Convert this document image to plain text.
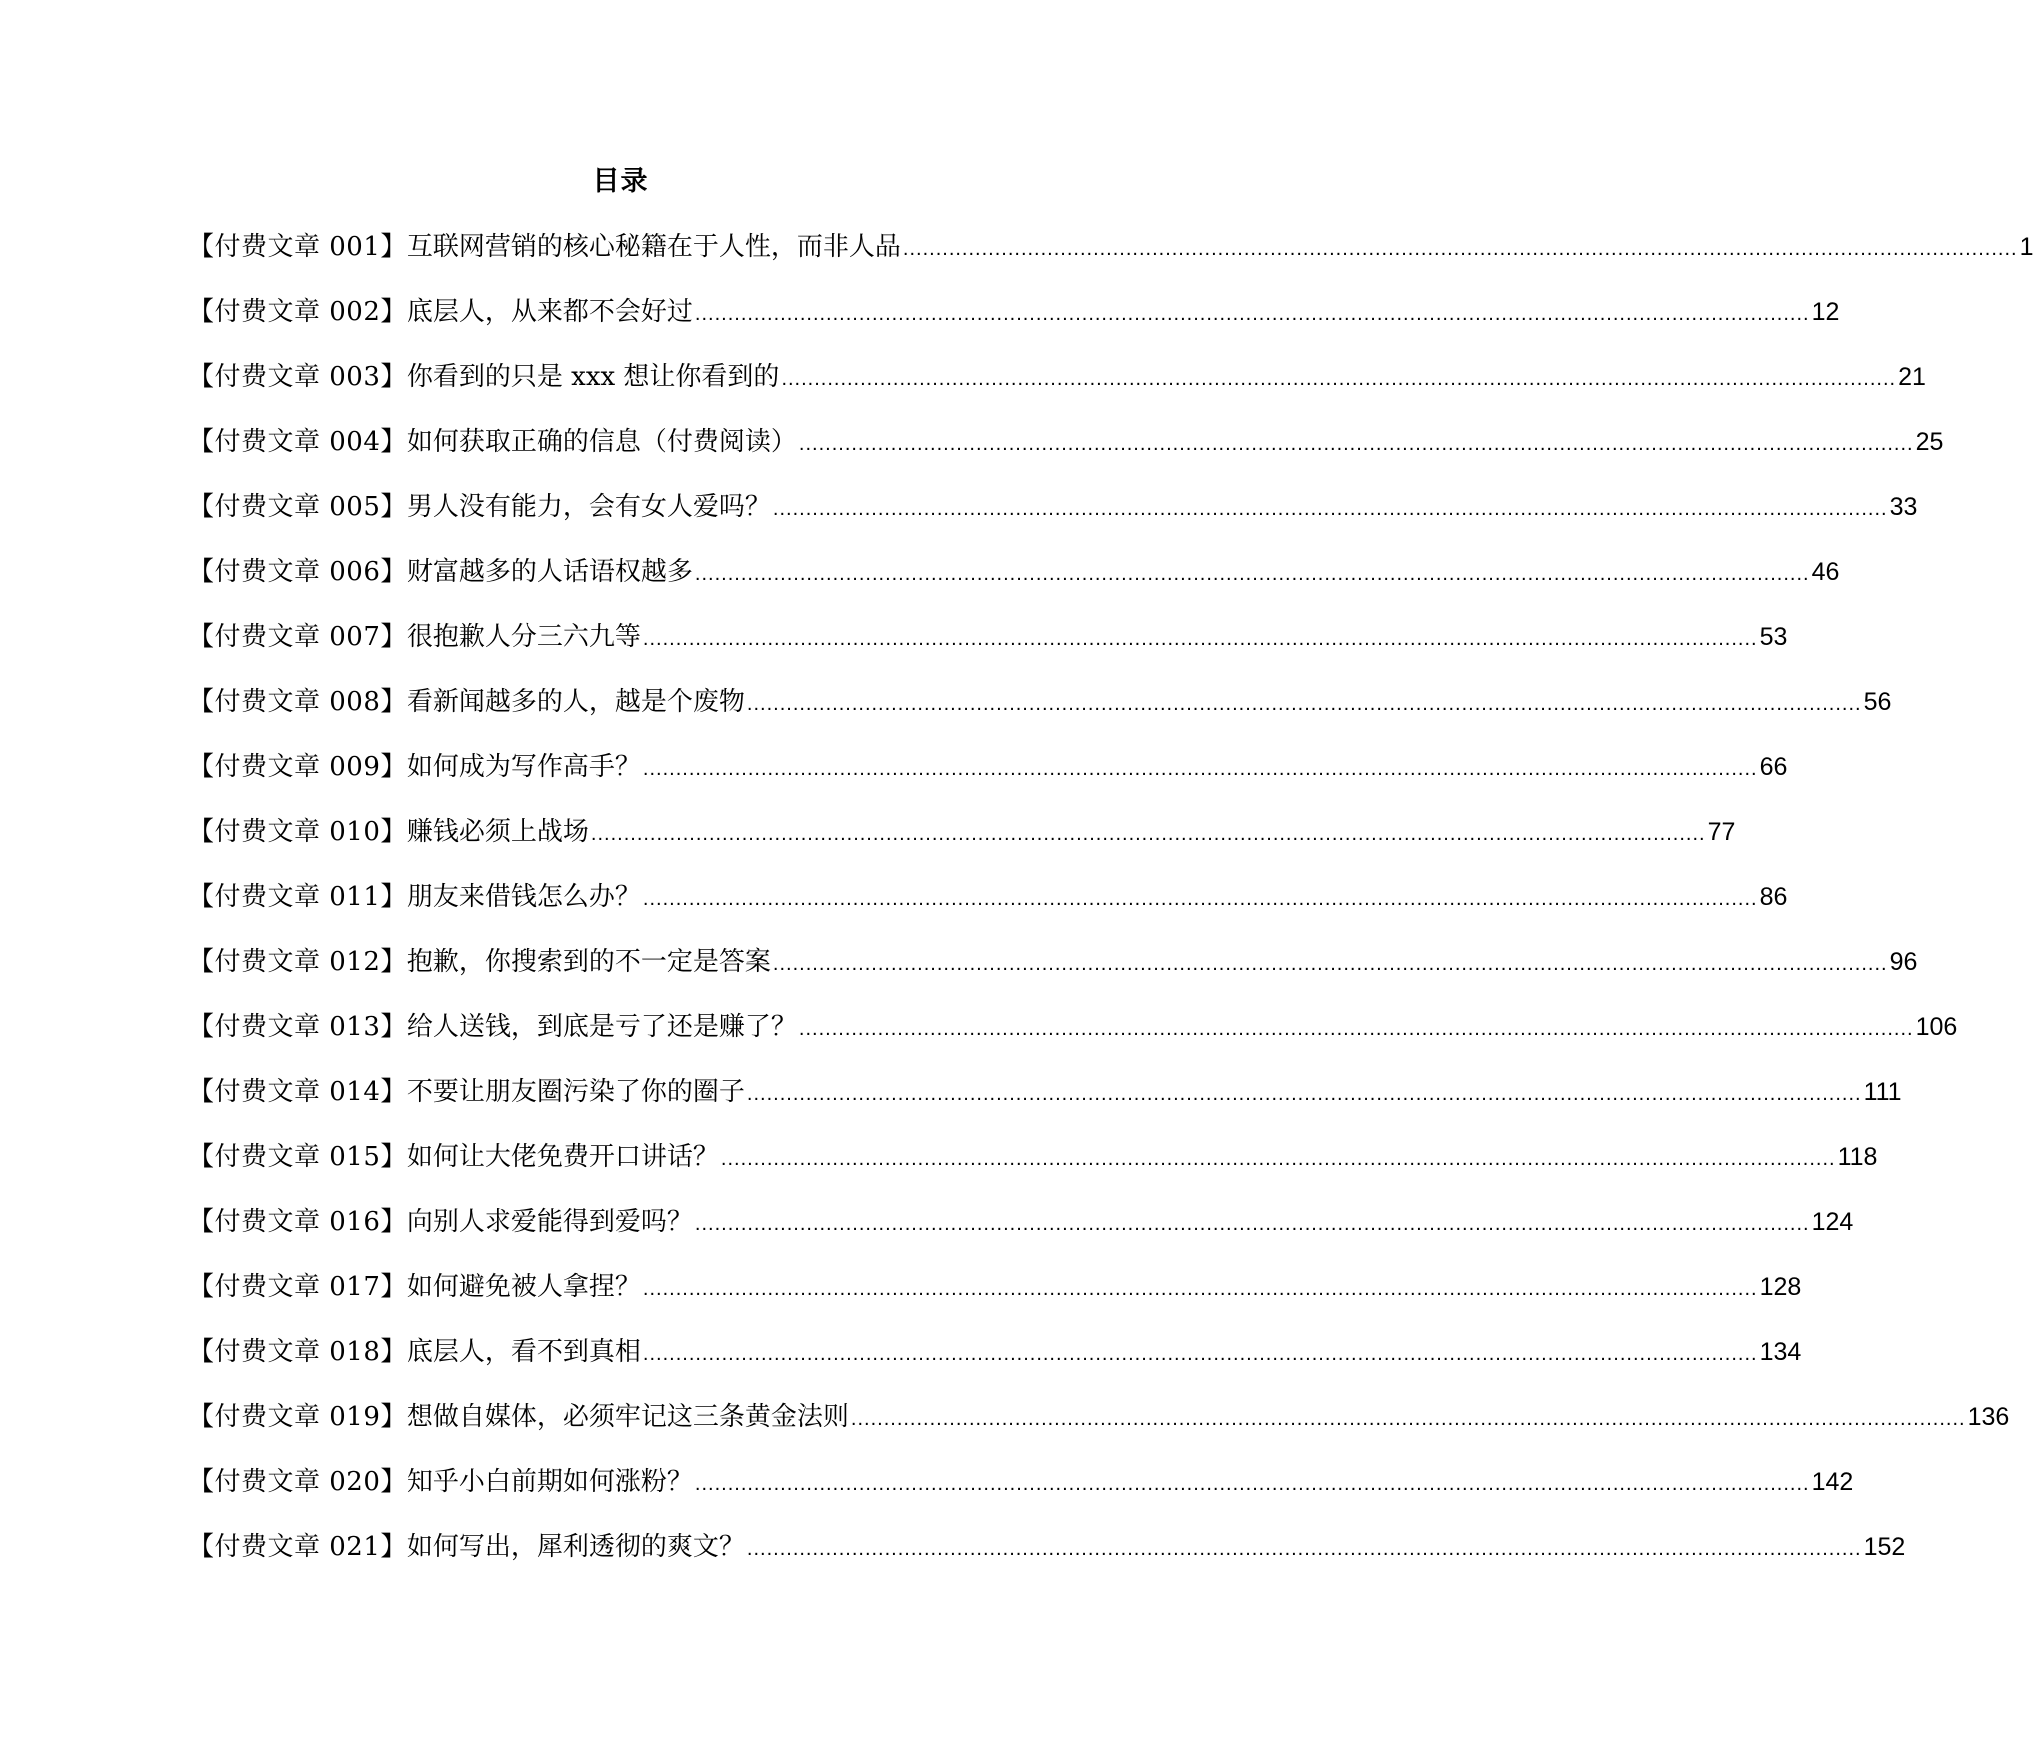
目录
【付费文章 001】 互联网营销的核心秘籍在于人性，而非人品 .....	1
【付费文章 002】 底层人，从来都不会好过 .....	12
【付费文章 003】 你看到的只是 xxx 想让你看到的 .....	21
【付费文章 004】 如何获取正确的信息（付费阅读） .....	25
【付费文章 005】 男人没有能力，会有女人爱吗？ .....	33
【付费文章 006】 财富越多的人话语权越多 .....	46
【付费文章 007】 很抱歉人分三六九等 .....	53
【付费文章 008】 看新闻越多的人，越是个废物 .....	56
【付费文章 009】 如何成为写作高手？ .....	66
【付费文章 010】 赚钱必须上战场 .....	77
【付费文章 011】 朋友来借钱怎么办？ .....	86
【付费文章 012】 抱歉，你搜索到的不一定是答案 .....	96
【付费文章 013】 给人送钱，到底是亏了还是赚了？ .....	106
【付费文章 014】 不要让朋友圈污染了你的圈子 .....	111
【付费文章 015】 如何让大佬免费开口讲话？ .....	118
【付费文章 016】 向别人求爱能得到爱吗？ .....	124
【付费文章 017】 如何避免被人拿捏？ .....	128
【付费文章 018】 底层人，看不到真相 .....	134
【付费文章 019】 想做自媒体，必须牢记这三条黄金法则 .....	136
【付费文章 020】 知乎小白前期如何涨粉？ .....	142
【付费文章 021】 如何写出，犀利透彻的爽文？ .....	152
